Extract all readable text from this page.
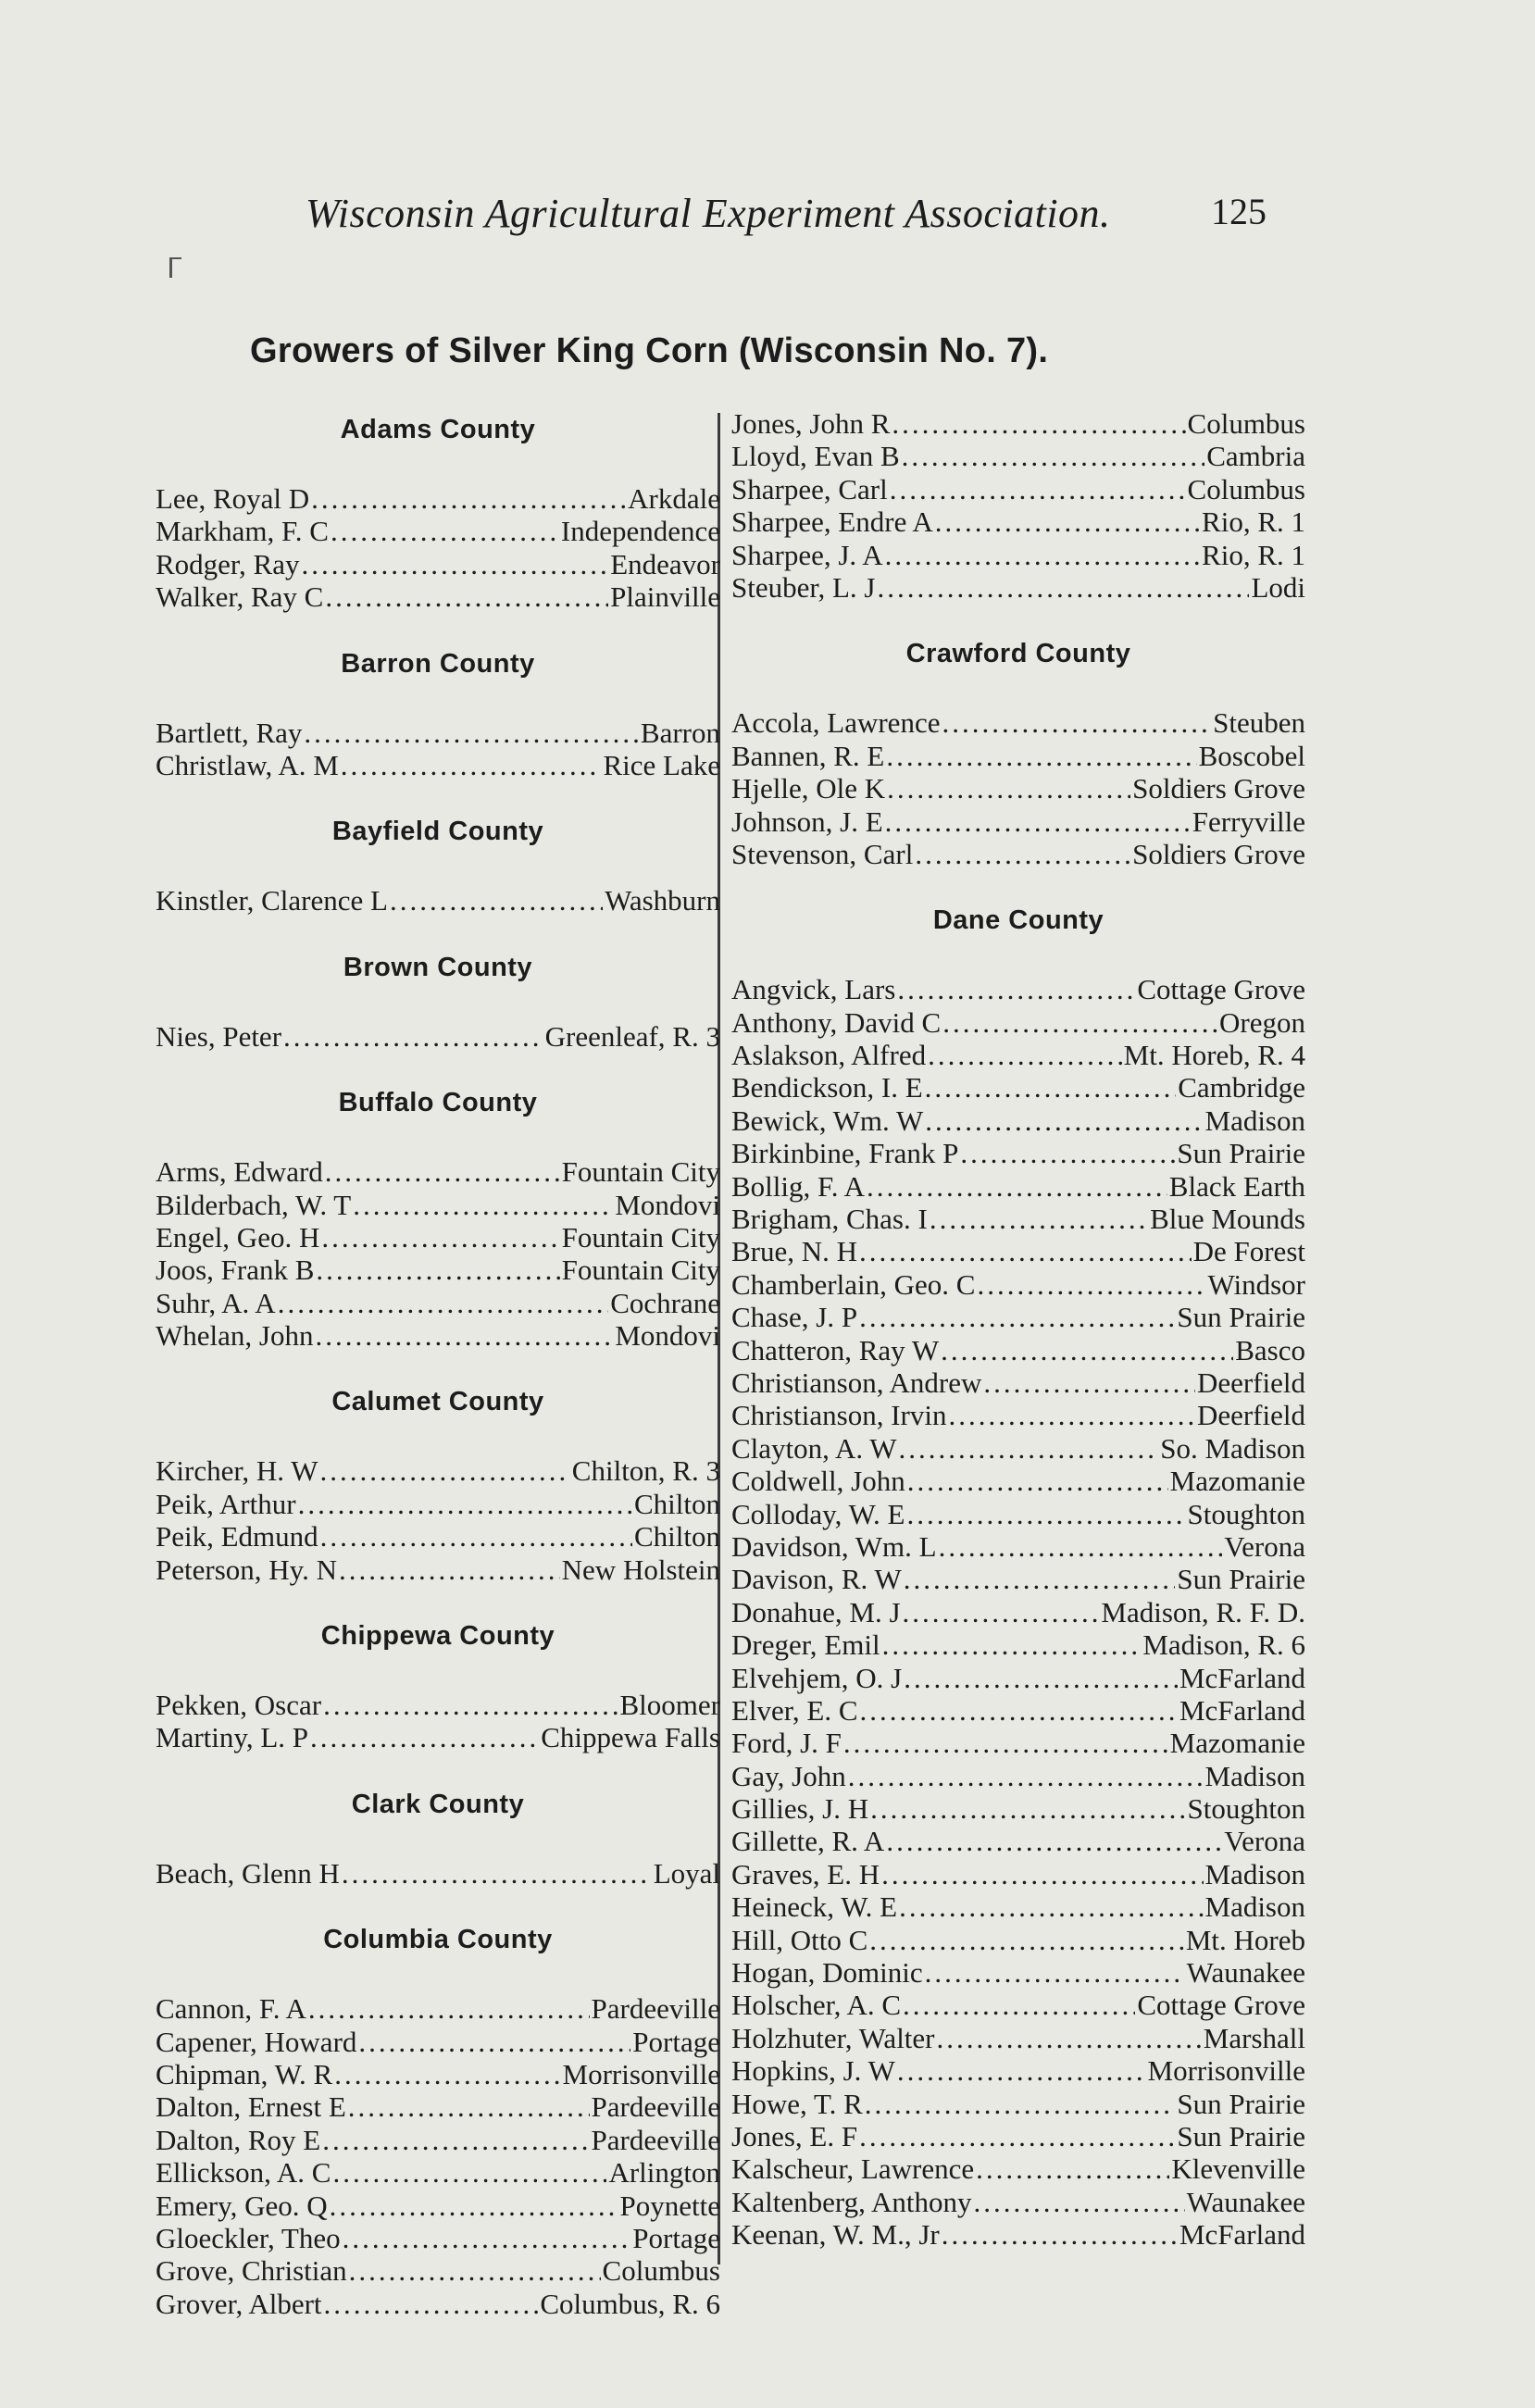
Wisconsin Agricultural Experiment Association.	125
Growers of Silver King Corn (Wisconsin No. 7).
Adams County
Lee, Royal D .....	Arkdale
Markham, F. C .....	Independence
Rodger, Ray .....	Endeavor
Walker, Ray C .....	Plainville
Barron County
Bartlett, Ray .....	Barron
Christlaw, A. M .....	Rice Lake
Bayfield County
Kinstler, Clarence L .....	Washburn
Brown County
Nies, Peter .....	Greenleaf, R. 3
Buffalo County
Arms, Edward .....	Fountain City
Bilderbach, W. T .....	Mondovi
Engel, Geo. H .....	Fountain City
Joos, Frank B .....	Fountain City
Suhr, A. A .....	Cochrane
Whelan, John .....	Mondovi
Calumet County
Kircher, H. W .....	Chilton, R. 3
Peik, Arthur .....	Chilton
Peik, Edmund .....	Chilton
Peterson, Hy. N .....	New Holstein
Chippewa County
Pekken, Oscar .....	Bloomer
Martiny, L. P .....	Chippewa Falls
Clark County
Beach, Glenn H .....	Loyal
Columbia County
Cannon, F. A .....	Pardeeville
Capener, Howard .....	Portage
Chipman, W. R .....	Morrisonville
Dalton, Ernest E .....	Pardeeville
Dalton, Roy E .....	Pardeeville
Ellickson, A. C .....	Arlington
Emery, Geo. Q .....	Poynette
Gloeckler, Theo .....	Portage
Grove, Christian .....	Columbus
Grover, Albert .....	Columbus, R. 6
Jones, John R .....	Columbus
Lloyd, Evan B .....	Cambria
Sharpee, Carl .....	Columbus
Sharpee, Endre A .....	Rio, R. 1
Sharpee, J. A .....	Rio, R. 1
Steuber, L. J .....	Lodi
Crawford County
Accola, Lawrence .....	Steuben
Bannen, R. E .....	Boscobel
Hjelle, Ole K .....	Soldiers Grove
Johnson, J. E .....	Ferryville
Stevenson, Carl .....	Soldiers Grove
Dane County
Angvick, Lars .....	Cottage Grove
Anthony, David C .....	Oregon
Aslakson, Alfred .....	Mt. Horeb, R. 4
Bendickson, I. E .....	Cambridge
Bewick, Wm. W .....	Madison
Birkinbine, Frank P .....	Sun Prairie
Bollig, F. A .....	Black Earth
Brigham, Chas. I .....	Blue Mounds
Brue, N. H .....	De Forest
Chamberlain, Geo. C .....	Windsor
Chase, J. P .....	Sun Prairie
Chatteron, Ray W .....	Basco
Christianson, Andrew .....	Deerfield
Christianson, Irvin .....	Deerfield
Clayton, A. W .....	So. Madison
Coldwell, John .....	Mazomanie
Colloday, W. E .....	Stoughton
Davidson, Wm. L .....	Verona
Davison, R. W .....	Sun Prairie
Donahue, M. J .....	Madison, R. F. D.
Dreger, Emil .....	Madison, R. 6
Elvehjem, O. J .....	McFarland
Elver, E. C .....	McFarland
Ford, J. F .....	Mazomanie
Gay, John .....	Madison
Gillies, J. H .....	Stoughton
Gillette, R. A .....	Verona
Graves, E. H .....	Madison
Heineck, W. E .....	Madison
Hill, Otto C .....	Mt. Horeb
Hogan, Dominic .....	Waunakee
Holscher, A. C .....	Cottage Grove
Holzhuter, Walter .....	Marshall
Hopkins, J. W .....	Morrisonville
Howe, T. R .....	Sun Prairie
Jones, E. F .....	Sun Prairie
Kalscheur, Lawrence .....	Klevenville
Kaltenberg, Anthony .....	Waunakee
Keenan, W. M., Jr .....	McFarland
